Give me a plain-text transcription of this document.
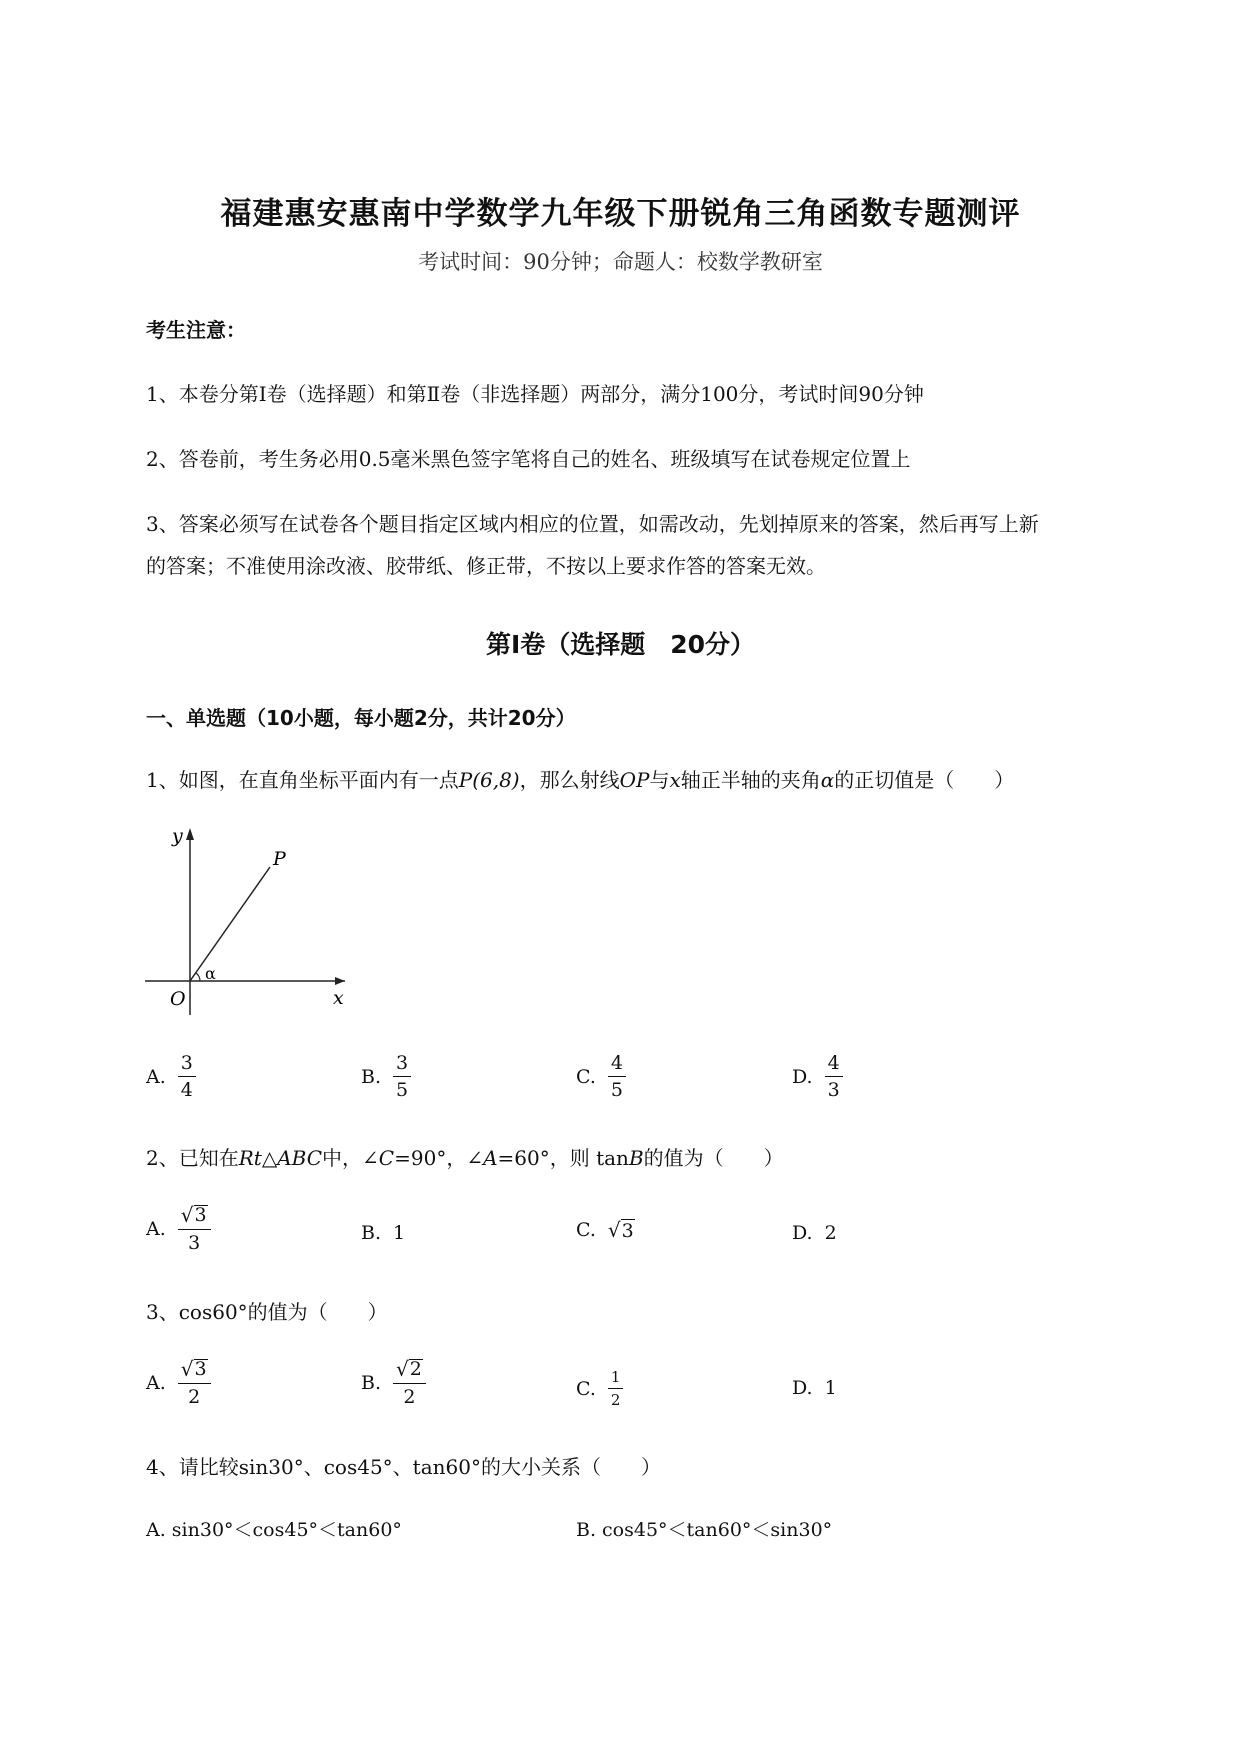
福建惠安惠南中学数学九年级下册锐角三角函数专题测评
考试时间：90分钟；命题人：校数学教研室
考生注意：
1、本卷分第Ⅰ卷（选择题）和第Ⅱ卷（非选择题）两部分，满分100分，考试时间90分钟
2、答卷前，考生务必用0.5毫米黑色签字笔将自己的姓名、班级填写在试卷规定位置上
3、答案必须写在试卷各个题目指定区域内相应的位置，如需改动，先划掉原来的答案，然后再写上新
的答案；不准使用涂改液、胶带纸、修正带，不按以上要求作答的答案无效。
第Ⅰ卷（选择题　20分）
一、单选题（10小题，每小题2分，共计20分）
1、如图，在直角坐标平面内有一点P(6,8)，那么射线OP与x轴正半轴的夹角α的正切值是（　　）
y
x
O
P
α
A. $\frac{3}{4}$	B. $\frac{3}{5}$	C. $\frac{4}{5}$	D. $\frac{4}{3}$
2、已知在Rt△ABC中，∠C=90°，∠A=60°，则 tanB的值为（　　）
A. $\frac{√ 3}{3}$	B. 1	C. √ 3	D. 2
3、cos60°的值为（　　）
A. $\frac{√ 3}{2}$	B. $\frac{√ 2}{2}$	C. $\frac{1}{2}$	D. 1
4、请比较sin30°、cos45°、tan60°的大小关系（　　）
A. sin30°＜cos45°＜tan60°	B. cos45°＜tan60°＜sin30°
